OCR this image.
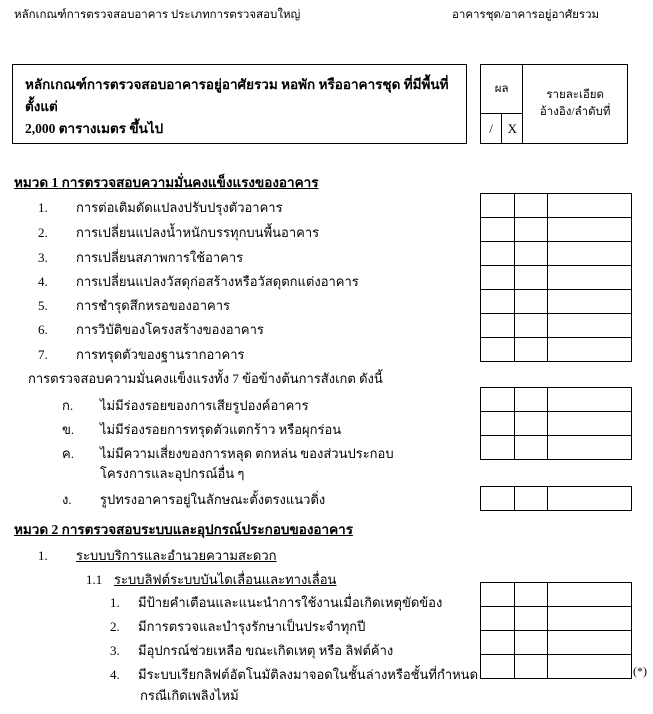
หลักเกณฑ์การตรวจสอบอาคาร ประเภทการตรวจสอบใหญ่	อาคารชุด/อาคารอยู่อาศัยรวม
หลักเกณฑ์การตรวจสอบอาคารอยู่อาศัยรวม หอพัก หรืออาคารชุด ที่มีพื้นที่ตั้งแต่
2,000 ตารางเมตร ขึ้นไป
ผล		รายละเอียด
อ้างอิง/ลำดับที่

/	X	
หมวด 1 การตรวจสอบความมั่นคงแข็งแรงของอาคาร
1.	การต่อเติมดัดแปลงปรับปรุงตัวอาคาร
2.	การเปลี่ยนแปลงน้ำหนักบรรทุกบนพื้นอาคาร
3.	การเปลี่ยนสภาพการใช้อาคาร
4.	การเปลี่ยนแปลงวัสดุก่อสร้างหรือวัสดุตกแต่งอาคาร
5.	การชำรุดสึกหรอของอาคาร
6.	การวิบัติของโครงสร้างของอาคาร
7.	การทรุดตัวของฐานรากอาคาร

การตรวจสอบความมั่นคงแข็งแรงทั้ง 7 ข้อข้างต้นการสังเกต ดังนี้
ก.	ไม่มีร่องรอยของการเสียรูปองค์อาคาร
ข.	ไม่มีร่องรอยการทรุดตัวแตกร้าว หรือผุกร่อน
ค.	ไม่มีความเสี่ยงของการหลุด ตกหล่น ของส่วนประกอบ
โครงการและอุปกรณ์อื่น ๆ
ง.	รูปทรงอาคารอยู่ในลักษณะตั้งตรงแนวดิ่ง

หมวด 2 การตรวจสอบระบบและอุปกรณ์ประกอบของอาคาร
1.	ระบบบริการและอำนวยความสะดวก
1.1 ระบบลิฟต์ระบบบันไดเลื่อนและทางเลื่อน
1.	มีป้ายคำเตือนและแนะนำการใช้งานเมื่อเกิดเหตุขัดข้อง
2.	มีการตรวจและบำรุงรักษาเป็นประจำทุกปี
3.	มีอุปกรณ์ช่วยเหลือ ขณะเกิดเหตุ หรือ ลิฟต์ค้าง
4.	มีระบบเรียกลิฟต์อัตโนมัติลงมาจอดในชั้นล่างหรือชั้นที่กำหนด
กรณีเกิดเพลิงไหม้

(*)
